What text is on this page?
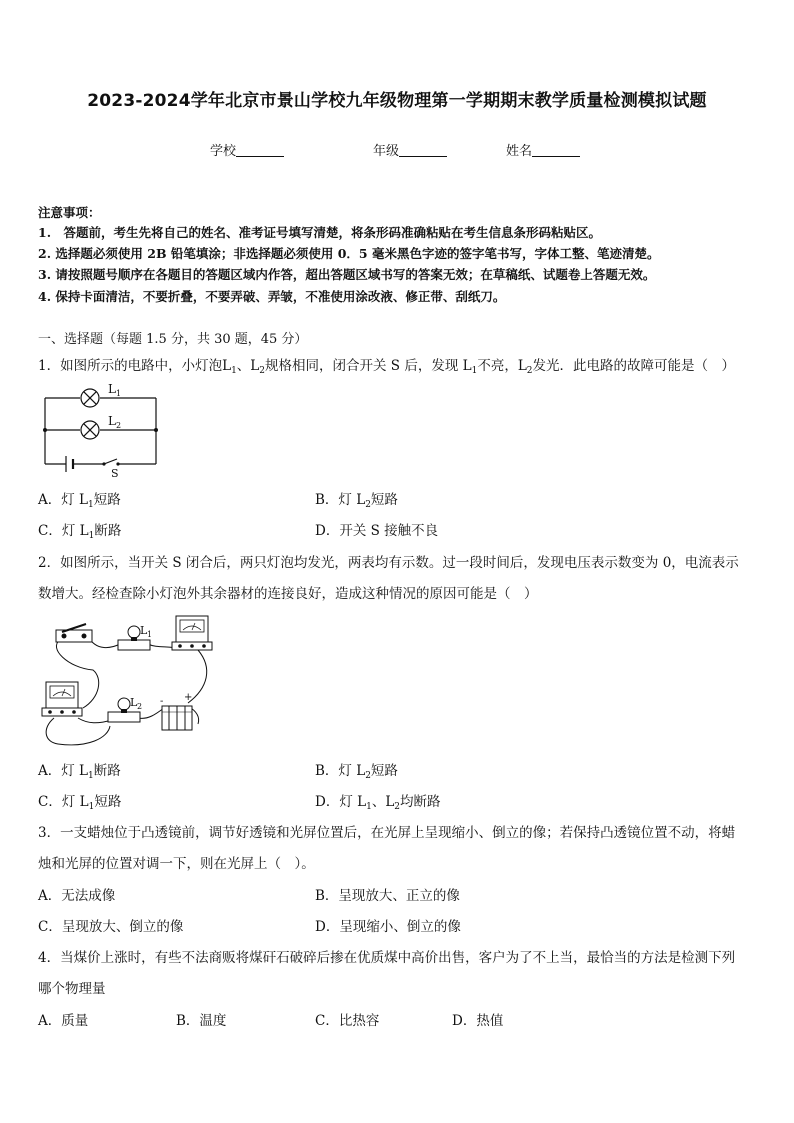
2023-2024学年北京市景山学校九年级物理第一学期期末教学质量检测模拟试题
学校	年级	姓名
注意事项：
1.　答题前，考生先将自己的姓名、准考证号填写清楚，将条形码准确粘贴在考生信息条形码粘贴区。
2. 选择题必须使用 2B 铅笔填涂；非选择题必须使用 0．5 毫米黑色字迹的签字笔书写，字体工整、笔迹清楚。
3. 请按照题号顺序在各题目的答题区域内作答，超出答题区域书写的答案无效；在草稿纸、试题卷上答题无效。
4. 保持卡面清洁，不要折叠，不要弄破、弄皱，不准使用涂改液、修正带、刮纸刀。
一、选择题（每题 1.5 分，共 30 题，45 分）
1．如图所示的电路中，小灯泡$L_1$、$L_2$规格相同，闭合开关 S 后，发现 $L_1$不亮，$L_2$发光．此电路的故障可能是（　）
L 1
L 2
S
A．灯 $L_1$短路	B．灯 $L_2$短路
C．灯 $L_1$断路	D．开关 S 接触不良
2．如图所示，当开关 S 闭合后，两只灯泡均发光，两表均有示数。过一段时间后，发现电压表示数变为 0，电流表示
数增大。经检查除小灯泡外其余器材的连接良好，造成这种情况的原因可能是（　）
L 1
L 2
+
-
A．灯 $L_1$断路	B．灯 $L_2$短路
C．灯 $L_1$短路	D．灯 $L_1$、$L_2$均断路
3．一支蜡烛位于凸透镜前，调节好透镜和光屏位置后，在光屏上呈现缩小、倒立的像；若保持凸透镜位置不动，将蜡
烛和光屏的位置对调一下，则在光屏上（　）。
A．无法成像	B．呈现放大、正立的像
C．呈现放大、倒立的像	D．呈现缩小、倒立的像
4．当煤价上涨时，有些不法商贩将煤矸石破碎后掺在优质煤中高价出售，客户为了不上当，最恰当的方法是检测下列
哪个物理量
A．质量	B．温度	C．比热容	D．热值
